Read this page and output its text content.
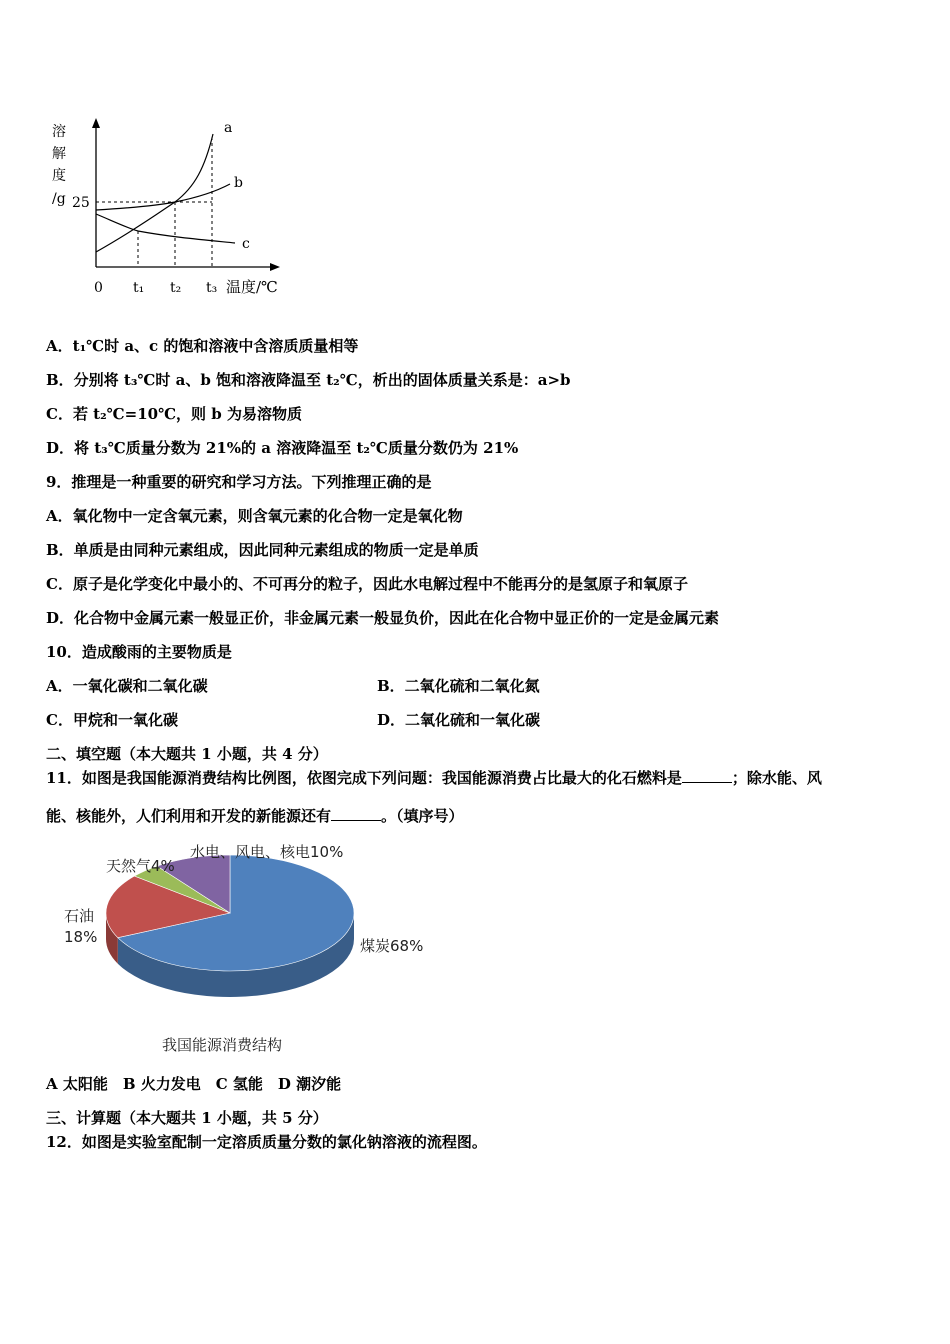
溶
解
度
/g 25
a
b
c
0 t₁ t₂ t₃ 温度/℃
A．t₁℃时 a、c 的饱和溶液中含溶质质量相等
B．分别将 t₃℃时 a、b 饱和溶液降温至 t₂℃，析出的固体质量关系是：a>b
C．若 t₂℃=10℃，则 b 为易溶物质
D．将 t₃℃质量分数为 21%的 a 溶液降温至 t₂℃质量分数仍为 21%
9．推理是一种重要的研究和学习方法。下列推理正确的是
A．氧化物中一定含氧元素，则含氧元素的化合物一定是氧化物
B．单质是由同种元素组成，因此同种元素组成的物质一定是单质
C．原子是化学变化中最小的、不可再分的粒子，因此水电解过程中不能再分的是氢原子和氧原子
D．化合物中金属元素一般显正价，非金属元素一般显负价，因此在化合物中显正价的一定是金属元素
10．造成酸雨的主要物质是
A．一氧化碳和二氧化碳	B．二氧化硫和二氧化氮
C．甲烷和一氧化碳	D．二氧化硫和一氧化碳
二、填空题（本大题共 1 小题，共 4 分）
11．如图是我国能源消费结构比例图，依图完成下列问题：我国能源消费占比最大的化石燃料是	；除水能、风
能、核能外，人们利用和开发的新能源还有	。（填序号）
水电、风电、核电10%
天然气4%
石油
18%	煤炭68%
我国能源消费结构
A 太阳能　B 火力发电　C 氢能　D 潮汐能
三、计算题（本大题共 1 小题，共 5 分）
12．如图是实验室配制一定溶质质量分数的氯化钠溶液的流程图。
